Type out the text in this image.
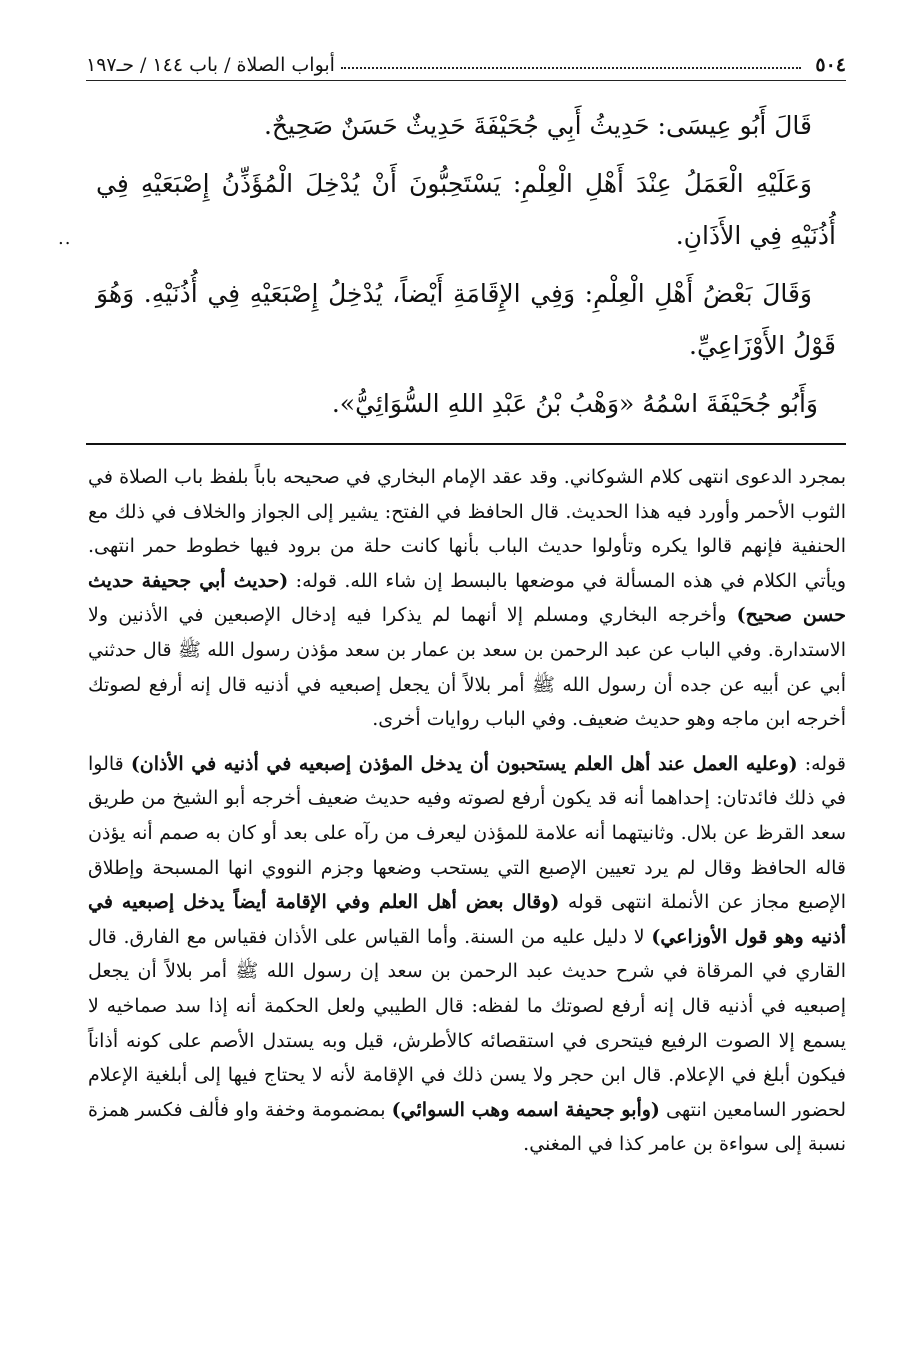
٥٠٤
أبواب الصلاة / باب ١٤٤ / حـ١٩٧
..

قَالَ أَبُو عِيسَى: حَدِيثُ أَبِي جُحَيْفَةَ حَدِيثٌ حَسَنٌ صَحِيحٌ.

وَعَلَيْهِ الْعَمَلُ عِنْدَ أَهْلِ الْعِلْمِ: يَسْتَحِبُّونَ أَنْ يُدْخِلَ الْمُؤَذِّنُ إِصْبَعَيْهِ فِي أُذُنَيْهِ فِي الأَذَانِ.

وَقَالَ بَعْضُ أَهْلِ الْعِلْمِ: وَفِي الإِقَامَةِ أَيْضاً، يُدْخِلُ إِصْبَعَيْهِ فِي أُذُنَيْهِ. وَهُوَ قَوْلُ الأَوْزَاعِيِّ.

وَأَبُو جُحَيْفَةَ اسْمُهُ «وَهْبُ بْنُ عَبْدِ اللهِ السُّوَائِيُّ».

بمجرد الدعوى انتهى كلام الشوكاني. وقد عقد الإمام البخاري في صحيحه باباً بلفظ باب الصلاة في الثوب الأحمر وأورد فيه هذا الحديث. قال الحافظ في الفتح: يشير إلى الجواز والخلاف في ذلك مع الحنفية فإنهم قالوا يكره وتأولوا حديث الباب بأنها كانت حلة من برود فيها خطوط حمر انتهى. ويأتي الكلام في هذه المسألة في موضعها بالبسط إن شاء الله. قوله: (حديث أبي جحيفة حديث حسن صحيح) وأخرجه البخاري ومسلم إلا أنهما لم يذكرا فيه إدخال الإصبعين في الأذنين ولا الاستدارة. وفي الباب عن عبد الرحمن بن سعد بن عمار بن سعد مؤذن رسول الله ﷺ قال حدثني أبي عن أبيه عن جده أن رسول الله ﷺ أمر بلالاً أن يجعل إصبعيه في أذنيه قال إنه أرفع لصوتك أخرجه ابن ماجه وهو حديث ضعيف. وفي الباب روايات أخرى.

قوله: (وعليه العمل عند أهل العلم يستحبون أن يدخل المؤذن إصبعيه في أذنيه في الأذان) قالوا في ذلك فائدتان: إحداهما أنه قد يكون أرفع لصوته وفيه حديث ضعيف أخرجه أبو الشيخ من طريق سعد القرظ عن بلال. وثانيتهما أنه علامة للمؤذن ليعرف من رآه على بعد أو كان به صمم أنه يؤذن قاله الحافظ وقال لم يرد تعيين الإصبع التي يستحب وضعها وجزم النووي انها المسبحة وإطلاق الإصبع مجاز عن الأنملة انتهى قوله (وقال بعض أهل العلم وفي الإقامة أيضاً يدخل إصبعيه في أذنيه وهو قول الأوزاعي) لا دليل عليه من السنة. وأما القياس على الأذان فقياس مع الفارق. قال القاري في المرقاة في شرح حديث عبد الرحمن بن سعد إن رسول الله ﷺ أمر بلالاً أن يجعل إصبعيه في أذنيه قال إنه أرفع لصوتك ما لفظه: قال الطيبي ولعل الحكمة أنه إذا سد صماخيه لا يسمع إلا الصوت الرفيع فيتحرى في استقصائه كالأطرش، قيل وبه يستدل الأصم على كونه أذاناً فيكون أبلغ في الإعلام. قال ابن حجر ولا يسن ذلك في الإقامة لأنه لا يحتاج فيها إلى أبلغية الإعلام لحضور السامعين انتهى (وأبو جحيفة اسمه وهب السوائي) بمضمومة وخفة واو فألف فكسر همزة نسبة إلى سواءة بن عامر كذا في المغني.
